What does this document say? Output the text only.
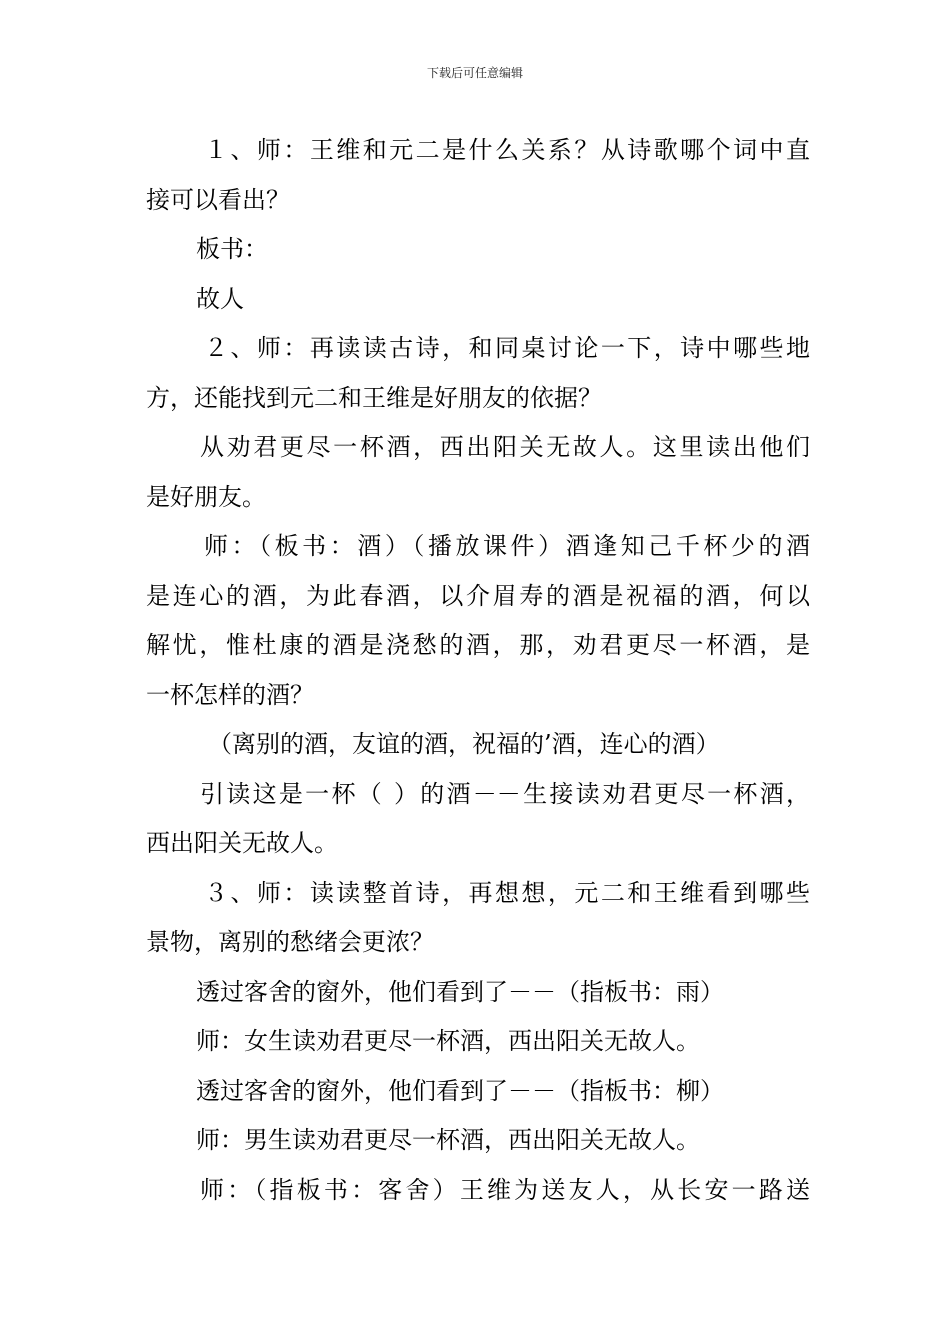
下载后可任意编辑
１、师：王维和元二是什么关系？从诗歌哪个词中直
接可以看出？
板书：
故人
２、师：再读读古诗，和同桌讨论一下，诗中哪些地
方，还能找到元二和王维是好朋友的依据？
从劝君更尽一杯酒，西出阳关无故人。这里读出他们
是好朋友。
师：（板书：酒）（播放课件）酒逢知己千杯少的酒
是连心的酒，为此春酒，以介眉寿的酒是祝福的酒，何以
解忧，惟杜康的酒是浇愁的酒，那，劝君更尽一杯酒，是
一杯怎样的酒？
（离别的酒，友谊的酒，祝福的’酒，连心的酒）
引读这是一杯（ ）的酒－－生接读劝君更尽一杯酒，
西出阳关无故人。
３、师：读读整首诗，再想想，元二和王维看到哪些
景物，离别的愁绪会更浓？
透过客舍的窗外，他们看到了－－（指板书：雨）
师：女生读劝君更尽一杯酒，西出阳关无故人。
透过客舍的窗外，他们看到了－－（指板书：柳）
师：男生读劝君更尽一杯酒，西出阳关无故人。
师：（指板书：客舍）王维为送友人，从长安一路送
